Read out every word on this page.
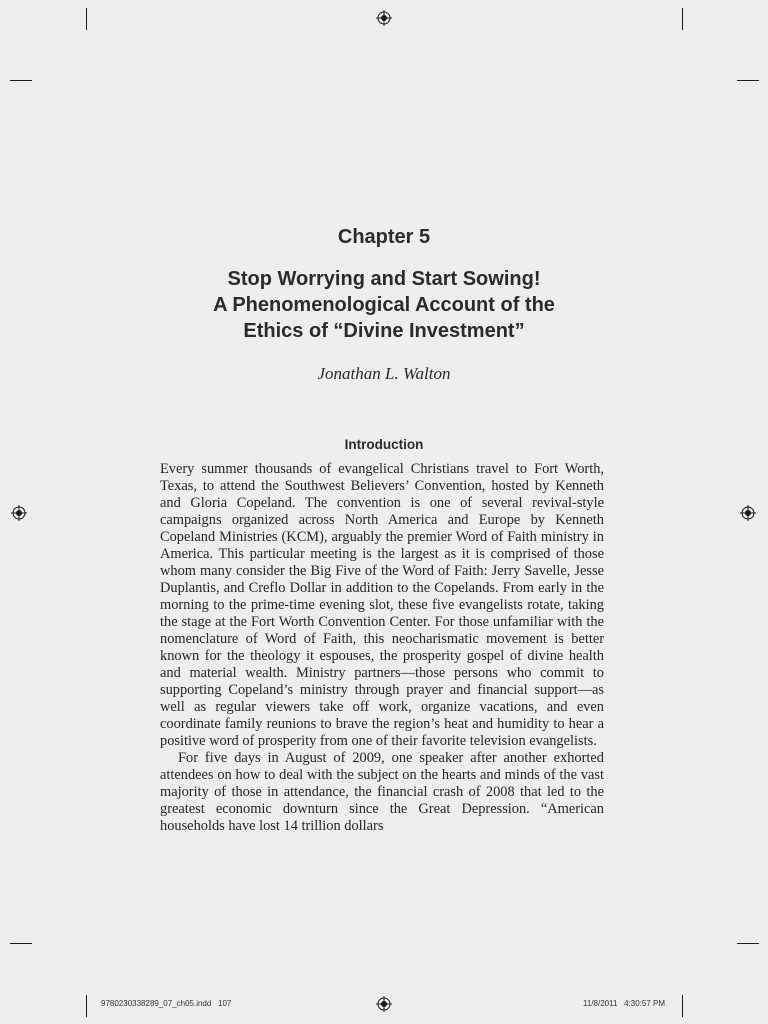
Chapter 5
Stop Worrying and Start Sowing!
A Phenomenological Account of the
Ethics of “Divine Investment”
Jonathan L. Walton
Introduction

Every summer thousands of evangelical Christians travel to Fort Worth, Texas, to attend the Southwest Believers’ Convention, hosted by Kenneth and Gloria Copeland. The convention is one of several revival-style campaigns organized across North America and Europe by Kenneth Copeland Ministries (KCM), arguably the premier Word of Faith ministry in America. This particular meeting is the largest as it is comprised of those whom many consider the Big Five of the Word of Faith: Jerry Savelle, Jesse Duplantis, and Creflo Dollar in addition to the Copelands. From early in the morning to the prime-time evening slot, these five evangelists rotate, taking the stage at the Fort Worth Convention Center. For those unfamiliar with the nomenclature of Word of Faith, this neocharismatic movement is better known for the theology it espouses, the prosperity gospel of divine health and material wealth. Ministry partners—those persons who commit to supporting Copeland’s ministry through prayer and financial support—as well as regular viewers take off work, organize vacations, and even coordinate family reunions to brave the region’s heat and humidity to hear a positive word of prosperity from one of their favorite television evangelists.

For five days in August of 2009, one speaker after another exhorted attendees on how to deal with the subject on the hearts and minds of the vast majority of those in attendance, the financial crash of 2008 that led to the greatest economic downturn since the Great Depression. “American households have lost 14 trillion dollars

9780230338289_07_ch05.indd   107	11/8/2011   4:30:57 PM
